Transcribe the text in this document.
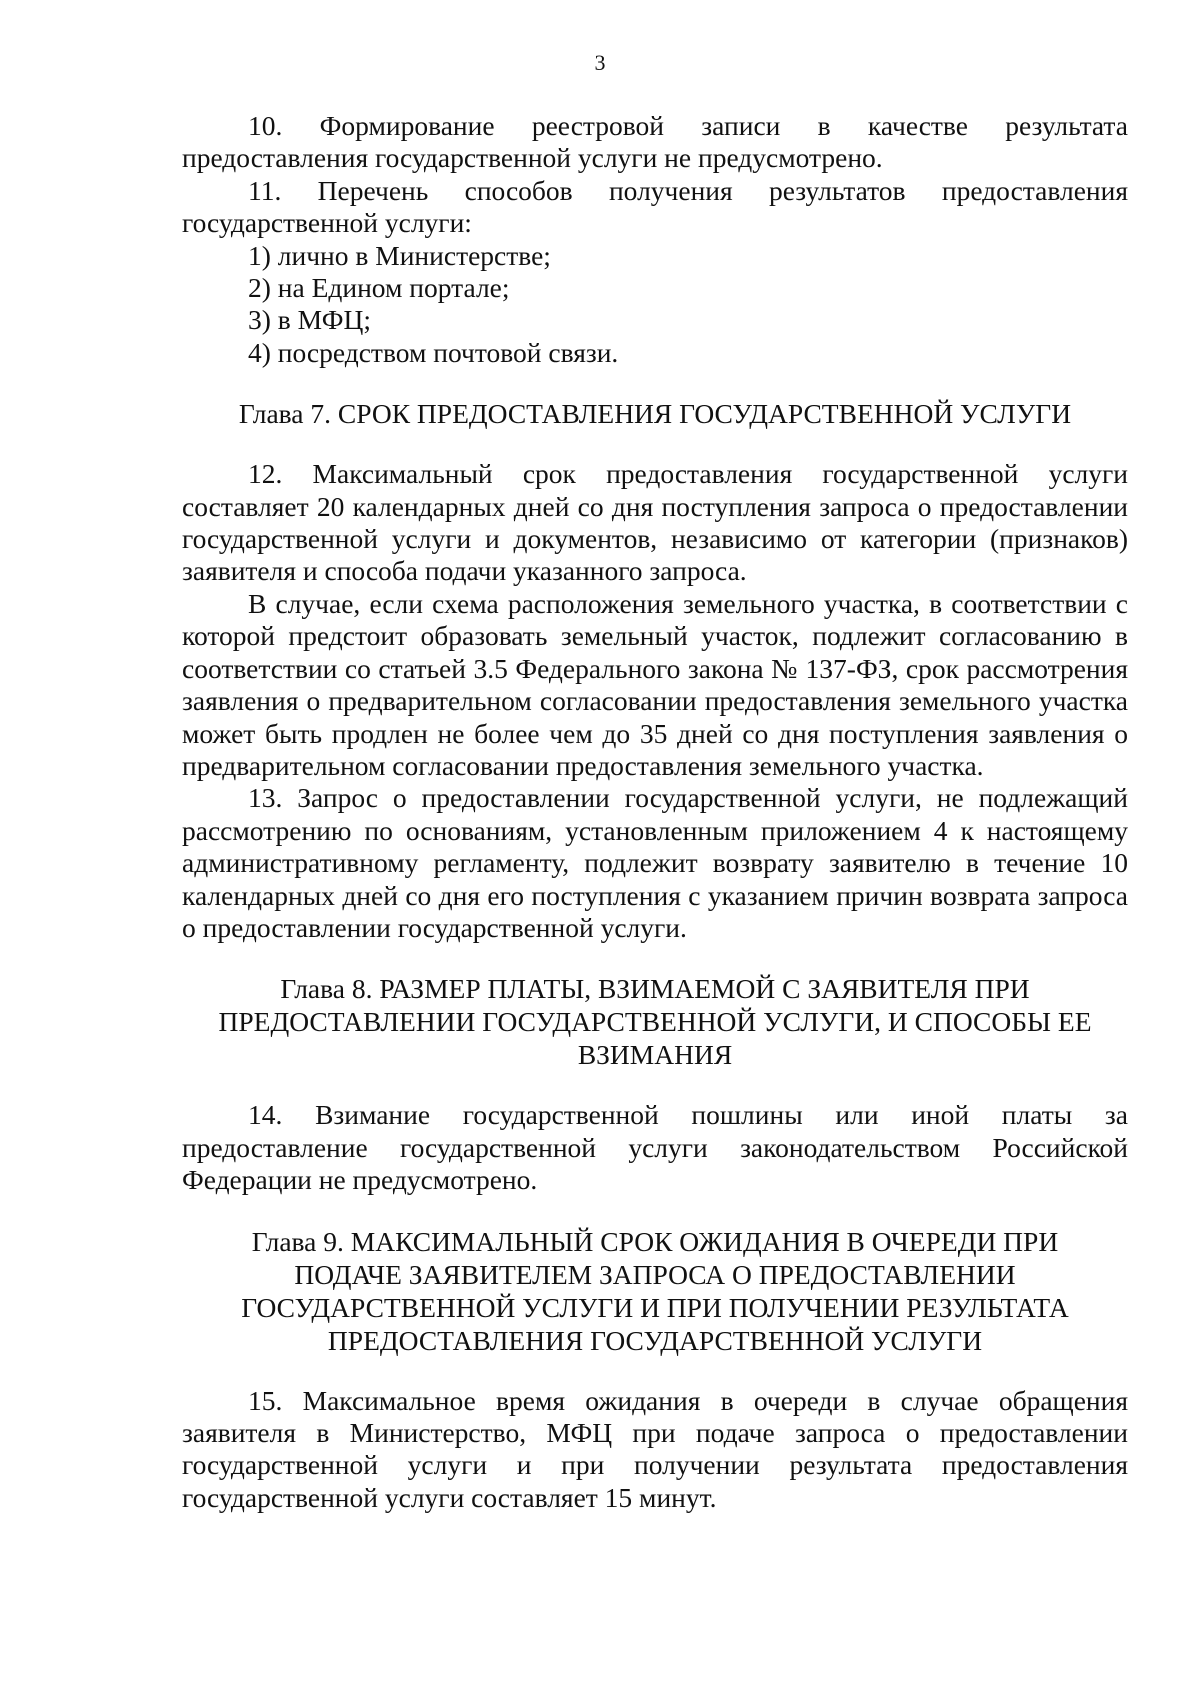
3

10. Формирование реестровой записи в качестве результата предоставления государственной услуги не предусмотрено.

11. Перечень способов получения результатов предоставления государственной услуги:

1) лично в Министерстве;

2) на Едином портале;

3) в МФЦ;

4) посредством почтовой связи.

Глава 7. СРОК ПРЕДОСТАВЛЕНИЯ ГОСУДАРСТВЕННОЙ УСЛУГИ

12. Максимальный срок предоставления государственной услуги составляет 20 календарных дней со дня поступления запроса о предоставлении государственной услуги и документов, независимо от категории (признаков) заявителя и способа подачи указанного запроса.

В случае, если схема расположения земельного участка, в соответствии с которой предстоит образовать земельный участок, подлежит согласованию в соответствии со статьей 3.5 Федерального закона № 137-ФЗ, срок рассмотрения заявления о предварительном согласовании предоставления земельного участка может быть продлен не более чем до 35 дней со дня поступления заявления о предварительном согласовании предоставления земельного участка.

13. Запрос о предоставлении государственной услуги, не подлежащий рассмотрению по основаниям, установленным приложением 4 к настоящему административному регламенту, подлежит возврату заявителю в течение 10 календарных дней со дня его поступления с указанием причин возврата запроса о предоставлении государственной услуги.

Глава 8. РАЗМЕР ПЛАТЫ, ВЗИМАЕМОЙ С ЗАЯВИТЕЛЯ ПРИ
ПРЕДОСТАВЛЕНИИ ГОСУДАРСТВЕННОЙ УСЛУГИ, И СПОСОБЫ ЕЕ
ВЗИМАНИЯ

14. Взимание государственной пошлины или иной платы за предоставление государственной услуги законодательством Российской Федерации не предусмотрено.

Глава 9. МАКСИМАЛЬНЫЙ СРОК ОЖИДАНИЯ В ОЧЕРЕДИ ПРИ
ПОДАЧЕ ЗАЯВИТЕЛЕМ ЗАПРОСА О ПРЕДОСТАВЛЕНИИ
ГОСУДАРСТВЕННОЙ УСЛУГИ И ПРИ ПОЛУЧЕНИИ РЕЗУЛЬТАТА
ПРЕДОСТАВЛЕНИЯ ГОСУДАРСТВЕННОЙ УСЛУГИ

15. Максимальное время ожидания в очереди в случае обращения заявителя в Министерство, МФЦ при подаче запроса о предоставлении государственной услуги и при получении результата предоставления государственной услуги составляет 15 минут.
